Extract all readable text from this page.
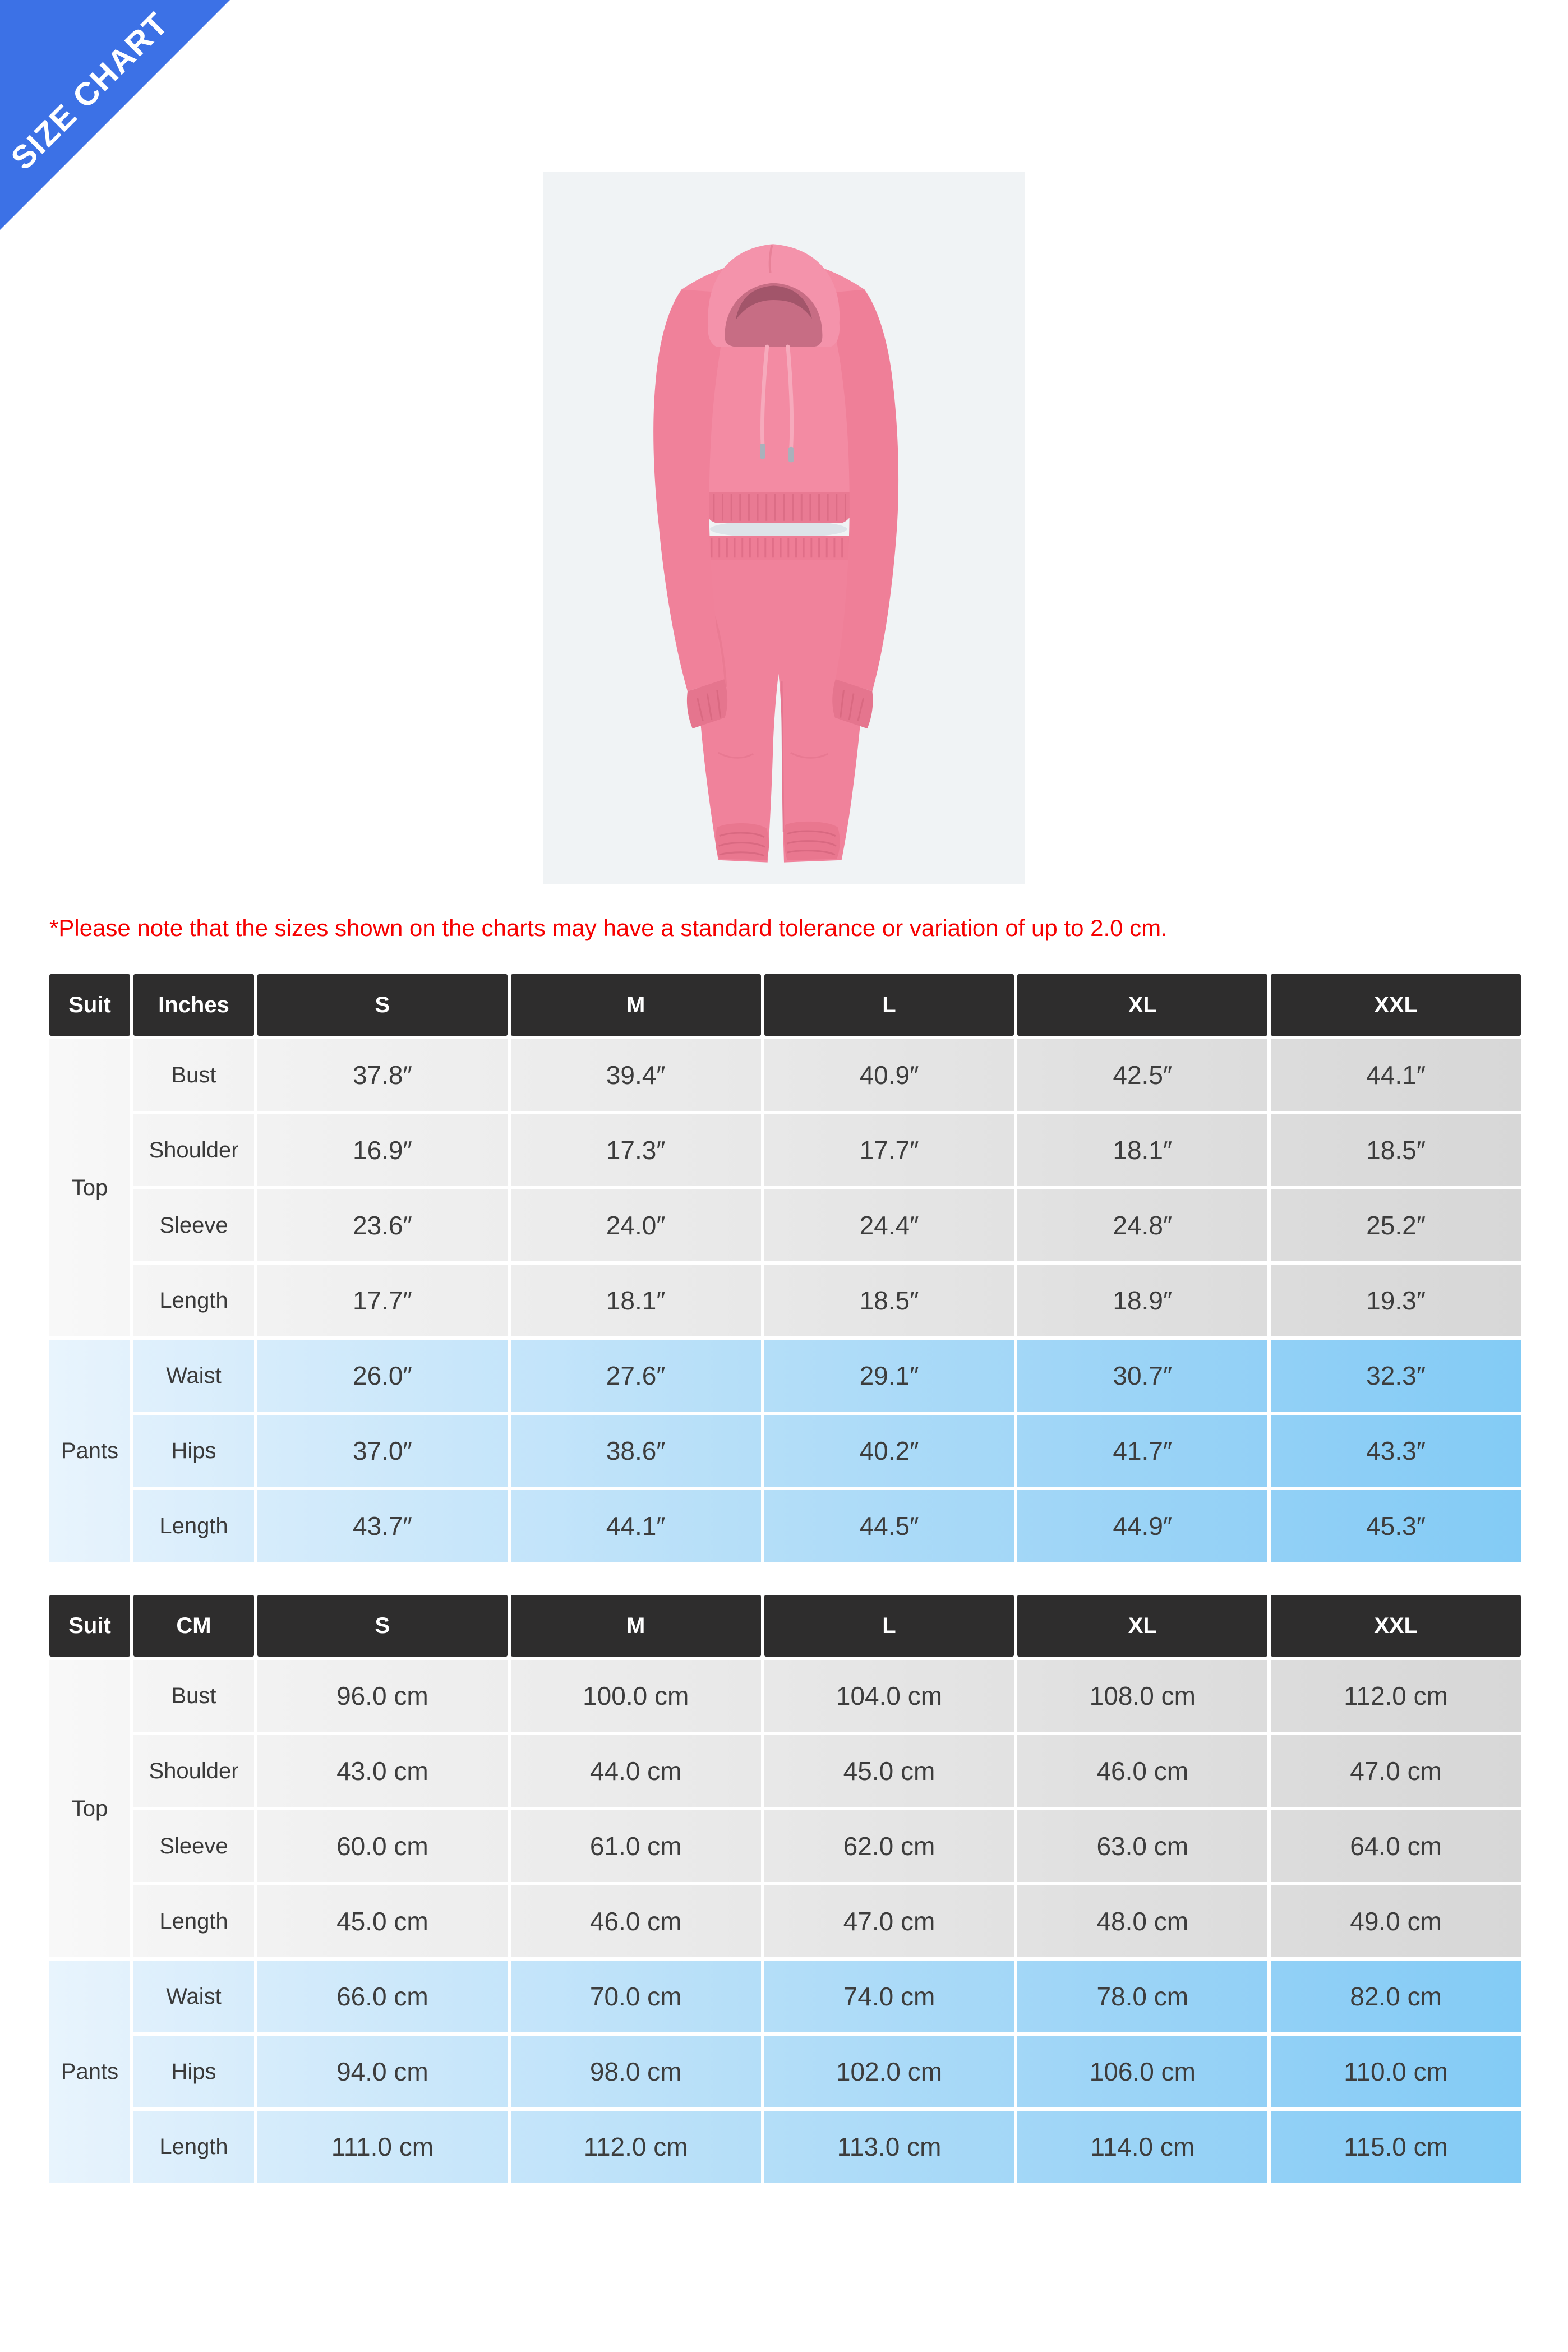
SIZE CHART
*Please note that the sizes shown on the charts may have a standard tolerance or variation of up to 2.0 cm.
Suit	Inches	S	M	L	XL	XXL
Top
Bust	37.8″	39.4″	40.9″	42.5″	44.1″
Shoulder	16.9″	17.3″	17.7″	18.1″	18.5″
Sleeve	23.6″	24.0″	24.4″	24.8″	25.2″
Length	17.7″	18.1″	18.5″	18.9″	19.3″
Pants
Waist	26.0″	27.6″	29.1″	30.7″	32.3″
Hips	37.0″	38.6″	40.2″	41.7″	43.3″
Length	43.7″	44.1″	44.5″	44.9″	45.3″
Suit	CM	S	M	L	XL	XXL
Top
Bust	96.0 cm	100.0 cm	104.0 cm	108.0 cm	112.0 cm
Shoulder	43.0 cm	44.0 cm	45.0 cm	46.0 cm	47.0 cm
Sleeve	60.0 cm	61.0 cm	62.0 cm	63.0 cm	64.0 cm
Length	45.0 cm	46.0 cm	47.0 cm	48.0 cm	49.0 cm
Pants
Waist	66.0 cm	70.0 cm	74.0 cm	78.0 cm	82.0 cm
Hips	94.0 cm	98.0 cm	102.0 cm	106.0 cm	110.0 cm
Length	111.0 cm	112.0 cm	113.0 cm	114.0 cm	115.0 cm
